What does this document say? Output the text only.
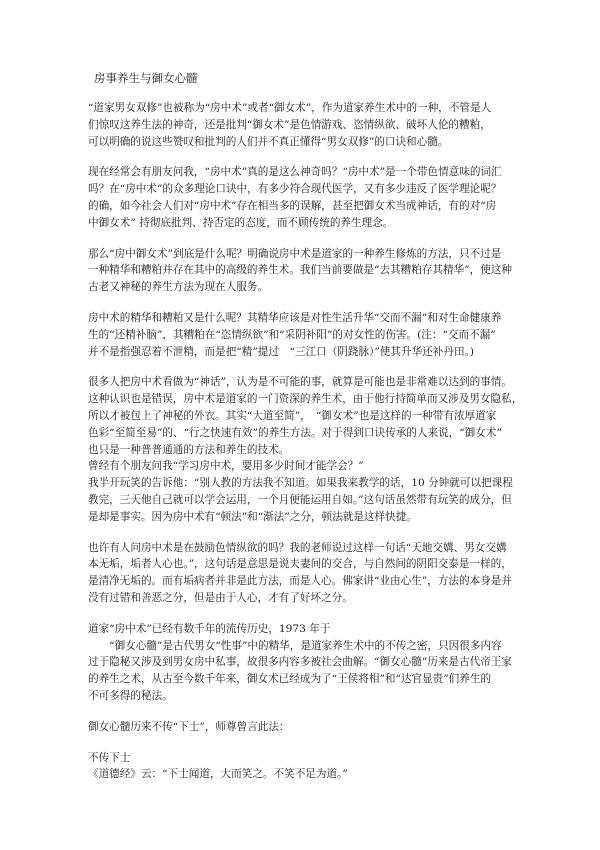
房事养生与御女心髓
“道家男女双修”也被称为“房中术”或者“御女术”，作为道家养生术中的一种，不管是人
们惊叹这养生法的神奇，还是批判“御女术”是色情游戏、恣情纵欲、破坏人伦的糟粕，
可以明确的说这些赞叹和批判的人们并不真正懂得“男女双修”的口诀和心髓。
现在经常会有朋友问我，“房中术”真的是这么神奇吗？“房中术”是一个带色情意味的词汇
吗？在“房中术”的众多理论口诀中，有多少符合现代医学，又有多少违反了医学理论呢？
的确，如今社会人们对“房中术”存在相当多的误解，甚至把御女术当成神话，有的对“房
中御女术” 持彻底批判、持否定的态度，而不顾传统的养生理念。
那么“房中御女术”到底是什么呢？明确说房中术是道家的一种养生修炼的方法，只不过是
一种精华和糟粕并存在其中的高级的养生术。我们当前要做是“去其糟粕存其精华”，使这种
古老又神秘的养生方法为现在人服务。
房中术的精华和糟粕又是什么呢？其精华应该是对性生活升华“交而不漏”和对生命健康养
生的“还精补脑”，其糟粕在“恣情纵欲”和“采阴补阳”的对女性的伤害。(注：“交而不漏”
并不是指强忍着不泄精，而是把“精”提过　“三江口（阴跷脉）”使其升华还补丹田。)
很多人把房中术看做为“神话”，认为是不可能的事，就算是可能也是非常难以达到的事情。
这种认识也是错误，房中术是道家的一门资深的养生术，由于他行持简单而又涉及男女隐私，
所以才被包上了神秘的外衣。其实“大道至简”，　“御女术”也是这样的一种带有浓厚道家
色彩“至简至易”的、“行之快速有效”的养生方法。对于得到口诀传承的人来说，“御女术”
也只是一种普普通通的方法和养生的技术。
曾经有个朋友问我“学习房中术，要用多少时间才能学会？”
我半开玩笑的告诉他：“别人教的方法我不知道。如果我来教学的话，10 分钟就可以把课程
教完，三天他自己就可以学会运用，一个月便能运用自如。”这句话虽然带有玩笑的成分，但
是却是事实。因为房中术有“顿法”和“渐法”之分，顿法就是这样快捷。
也许有人问房中术是在鼓励色情纵欲的吗？我的老师说过这样一句话“天地交媾、男女交媾
本无垢，垢者人心也。”，这句话是意思是说夫妻间的交合，与自然间的阴阳交泰是一样的，
是清净无垢的。而有垢病者并非是此方法，而是人心。佛家讲“业由心生”，方法的本身是并
没有过错和善恶之分，但是由于人心，才有了好坏之分。
道家“房中术”已经有数千年的流传历史，1973 年于
　　“御女心髓”是古代男女“性事”中的精华，是道家养生术中的不传之密，只因很多内容
过于隐秘又涉及到男女房中私事，故很多内容多被社会曲解。“御女心髓”历来是古代帝王家
的养生之术，从古至今数千年来，御女术已经成为了“王侯将相”和“达官显贵”们养生的
不可多得的秘法。
御女心髓历来不传“下士”，师尊曾言此法：
不传下士
《道德经》云：“下士闻道，大而笑之。不笑不足为道。”
